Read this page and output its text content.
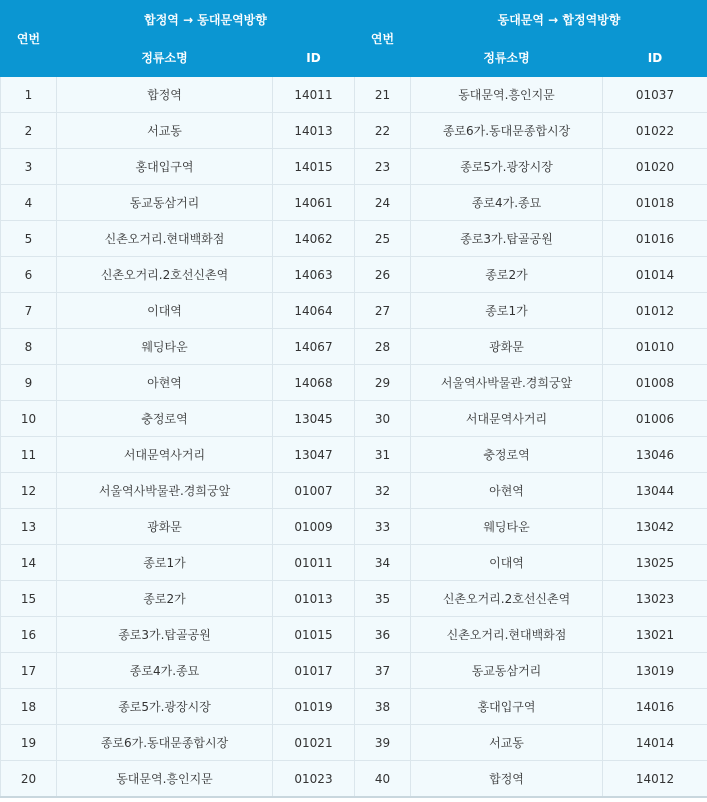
연번	합정역 → 동대문역방향		연번	동대문역 → 합정역방향	
	정류소명	ID		정류소명	ID
1	합정역	14011	21	동대문역.흥인지문	01037
2	서교동	14013	22	종로6가.동대문종합시장	01022
3	홍대입구역	14015	23	종로5가.광장시장	01020
4	동교동삼거리	14061	24	종로4가.종묘	01018
5	신촌오거리.현대백화점	14062	25	종로3가.탑골공원	01016
6	신촌오거리.2호선신촌역	14063	26	종로2가	01014
7	이대역	14064	27	종로1가	01012
8	웨딩타운	14067	28	광화문	01010
9	아현역	14068	29	서울역사박물관.경희궁앞	01008
10	충정로역	13045	30	서대문역사거리	01006
11	서대문역사거리	13047	31	충정로역	13046
12	서울역사박물관.경희궁앞	01007	32	아현역	13044
13	광화문	01009	33	웨딩타운	13042
14	종로1가	01011	34	이대역	13025
15	종로2가	01013	35	신촌오거리.2호선신촌역	13023
16	종로3가.탑골공원	01015	36	신촌오거리.현대백화점	13021
17	종로4가.종묘	01017	37	동교동삼거리	13019
18	종로5가.광장시장	01019	38	홍대입구역	14016
19	종로6가.동대문종합시장	01021	39	서교동	14014
20	동대문역.흥인지문	01023	40	합정역	14012
